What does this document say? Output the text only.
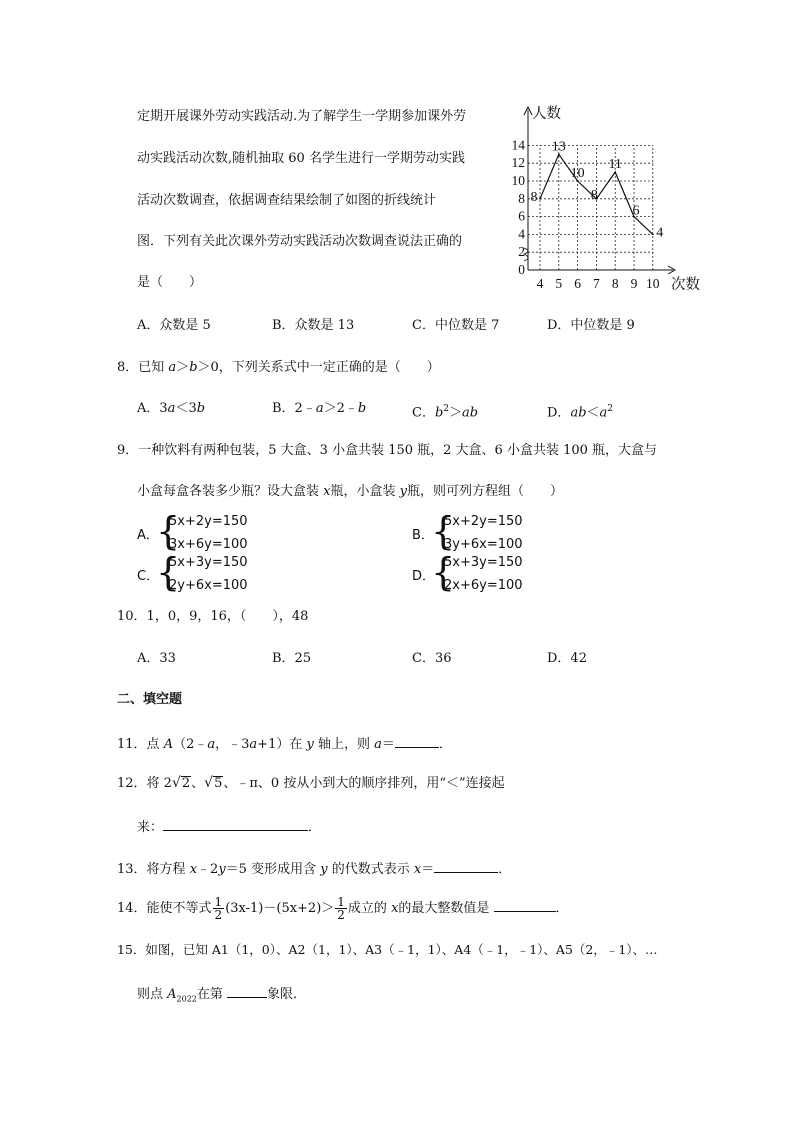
定期开展课外劳动实践活动.为了解学生一学期参加课外劳
动实践活动次数,随机抽取 60 名学生进行一学期劳动实践
活动次数调查，依据调查结果绘制了如图的折线统计
图．下列有关此次课外劳动实践活动次数调查说法正确的
是（　　）
0
2
4
6
8
10
12
14
4 5 6 7 8 9 10
人数
次数
8
13
10
8
11
6
4
A．众数是 5	B．众数是 13	C．中位数是 7	D．中位数是 9
8．已知 a＞b＞0，下列关系式中一定正确的是（　　）
A．3a＜3b	B．2﹣a＞2﹣b	C．$b^2>ab$	D．$ab<a^2$
9．一种饮料有两种包装，5 大盒、3 小盒共装 150 瓶，2 大盒、6 小盒共装 100 瓶，大盒与
小盒每盒各装多少瓶？设大盒装 x瓶，小盒装 y瓶，则可列方程组（　　）
A．
{
5x+2y=150
3x+6y=100
B．
{
5x+2y=150
3y+6x=100
C．
{
5x+3y=150
2y+6x=100
D．
{
5x+3y=150
2x+6y=100
10．1，0，9，16，（　　），48
A．33	B．25	C．36	D．42
二、填空题
11．点 A（2﹣a，﹣3a+1）在 y 轴上，则 a＝	．
12．将 2√2、√5、﹣π、0 按从小到大的顺序排列，用“＜”连接起
来：	．
13．将方程 x﹣2y＝5 变形成用含 y 的代数式表示 x＝	．
14．能使不等式 $\frac{1}{2} (3x-1)-(5x+2)> \frac{1}{2}$ 成立的 x的最大整数值是	．
15．如图，已知 A1（1，0）、A2（1，1）、A3（﹣1，1）、A4（﹣1，﹣1）、A5（2，﹣1）、…
则点 $A_{2022}$在第	象限．
